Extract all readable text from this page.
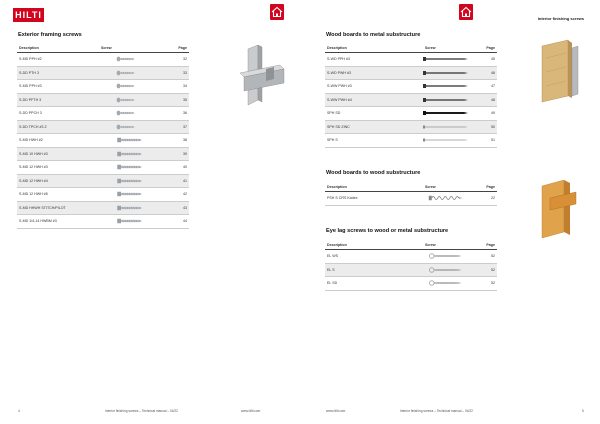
HILTI
Exterior framing screws
Description	Screw	Page
S-MD PPH #2		32
S-DD PTH 3		33
S-MD PPH #3		34
S-DD PFTH 3		35
S-DD PPCH 3		36
S-DD TPCH #3 Z		37
S-MD HWH #2		38
S-MD 10 HWH #3		39
S-MD 12 HWH #3		40
S-MD 12 HWH #4		41
S-MD 12 HWH #5		42
S-MD HHWH STITCH/PILOT		43
S-MD 1/4-14 HWBM #3		44
4	Interior finishing screws – Technical manual – 04/22	www.hilti.com
Interior finishing screws
Wood boards to metal substructure
Description	Screw	Page
S-WD PPH #3		45
S-WD PWH #3		46
S-WW PWH #3		47
S-WW PWH #4		48
SPH SD		49
SPH SD ZINC		50
SPH S		51
Wood boards to wood substructure
Description	Screw	Page
PSH S CRS Kadex		22
Eye lag screws to wood or metal substructure
Description	Screw	Page
EL WS		52
EL S		52
EL SD		52
www.hilti.com	Interior finishing screws – Technical manual – 04/22	5
